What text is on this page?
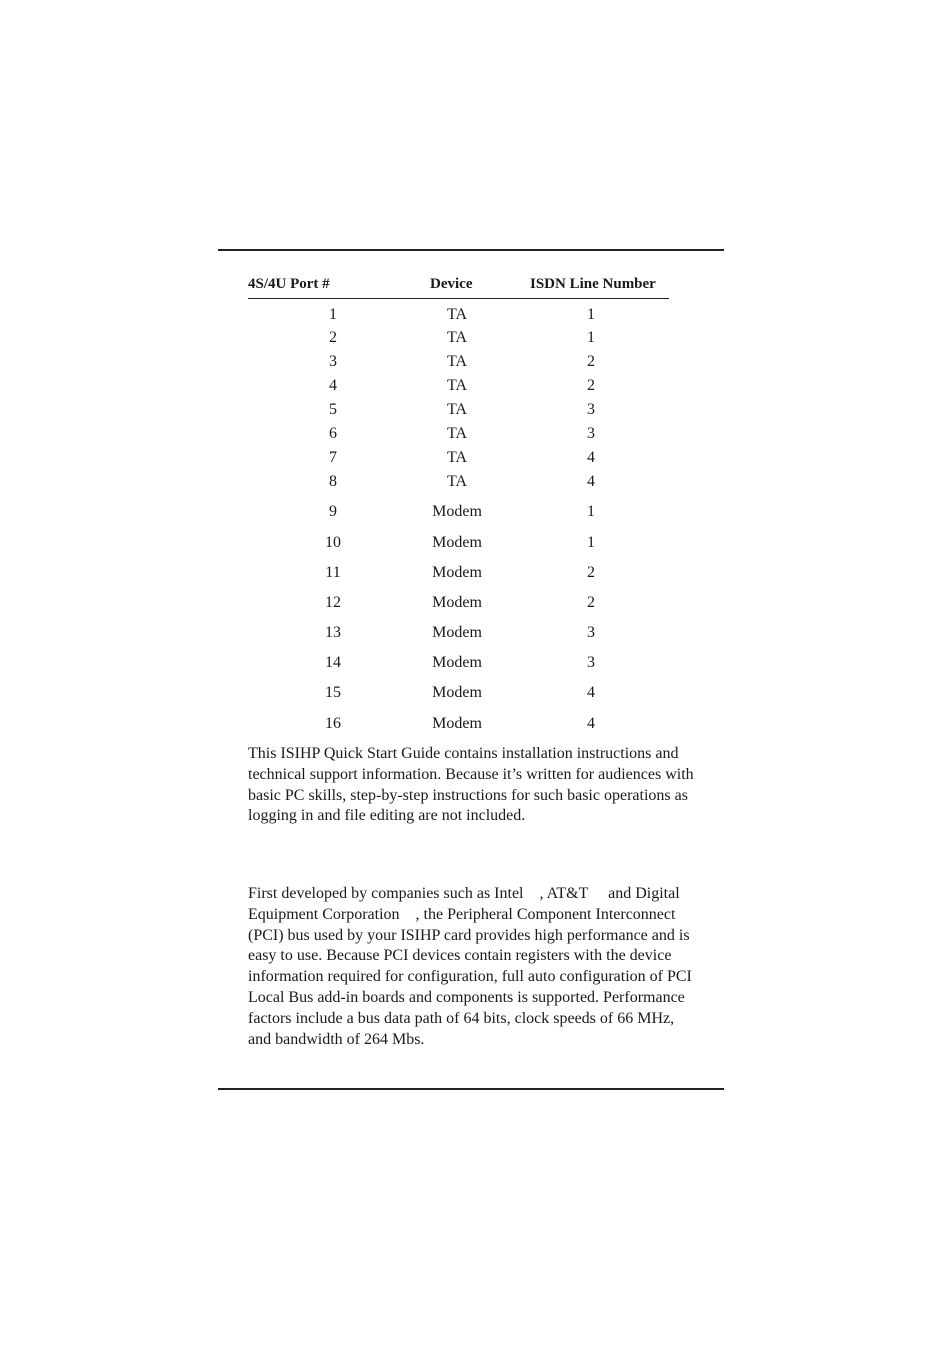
4S/4U Port #	Device	ISDN Line Number
1	TA	1
2	TA	1
3	TA	2
4	TA	2
5	TA	3
6	TA	3
7	TA	4
8	TA	4
9	Modem	1
10	Modem	1
11	Modem	2
12	Modem	2
13	Modem	3
14	Modem	3
15	Modem	4
16	Modem	4
This ISIHP Quick Start Guide contains installation instructions and
technical support information. Because it’s written for audiences with
basic PC skills, step-by-step instructions for such basic operations as
logging in and file editing are not included.
First developed by companies such as Intel    , AT&T     and Digital
Equipment Corporation    , the Peripheral Component Interconnect
(PCI) bus used by your ISIHP card provides high performance and is
easy to use. Because PCI devices contain registers with the device
information required for configuration, full auto configuration of PCI
Local Bus add-in boards and components is supported. Performance
factors include a bus data path of 64 bits, clock speeds of 66 MHz,
and bandwidth of 264 Mbs.
